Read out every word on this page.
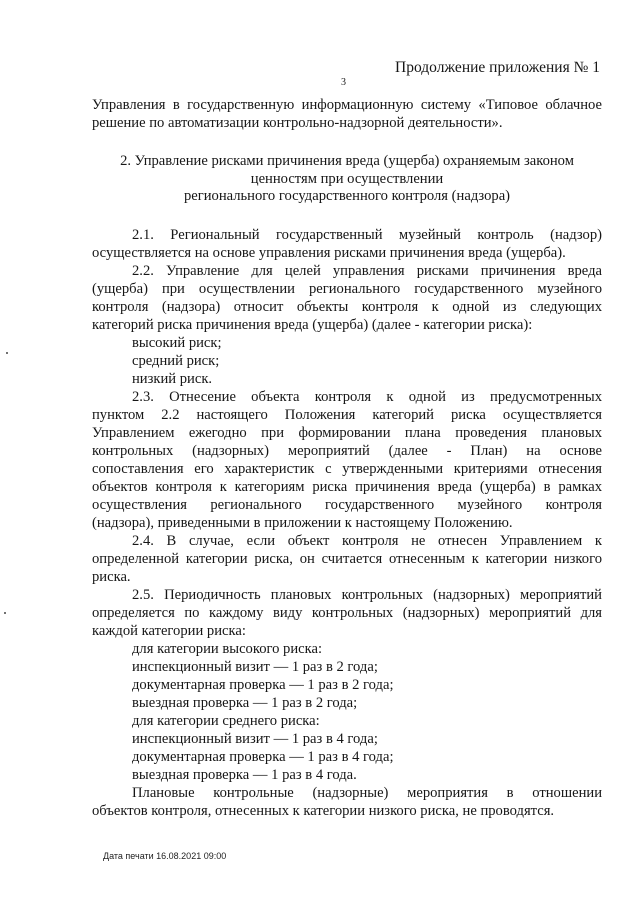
Продолжение приложения № 1
3
Управления в государственную информационную систему «Типовое облачное
решение по автоматизации контрольно-надзорной деятельности».
2. Управление рисками причинения вреда (ущерба) охраняемым законом
ценностям при осуществлении
регионального государственного контроля (надзора)
2.1. Региональный государственный музейный контроль (надзор)
осуществляется на основе управления рисками причинения вреда (ущерба).
2.2. Управление для целей управления рисками причинения вреда
(ущерба) при осуществлении регионального государственного музейного
контроля (надзора) относит объекты контроля к одной из следующих
категорий риска причинения вреда (ущерба) (далее - категории риска):
высокий риск;
средний риск;
низкий риск.
2.3. Отнесение объекта контроля к одной из предусмотренных
пунктом 2.2 настоящего Положения категорий риска осуществляется
Управлением ежегодно при формировании плана проведения плановых
контрольных (надзорных) мероприятий (далее - План) на основе
сопоставления его характеристик с утвержденными критериями отнесения
объектов контроля к категориям риска причинения вреда (ущерба) в рамках
осуществления регионального государственного музейного контроля
(надзора), приведенными в приложении к настоящему Положению.
2.4. В случае, если объект контроля не отнесен Управлением к
определенной категории риска, он считается отнесенным к категории низкого
риска.
2.5. Периодичность плановых контрольных (надзорных) мероприятий
определяется по каждому виду контрольных (надзорных) мероприятий для
каждой категории риска:
для категории высокого риска:
инспекционный визит — 1 раз в 2 года;
документарная проверка — 1 раз в 2 года;
выездная проверка — 1 раз в 2 года;
для категории среднего риска:
инспекционный визит — 1 раз в 4 года;
документарная проверка — 1 раз в 4 года;
выездная проверка — 1 раз в 4 года.
Плановые контрольные (надзорные) мероприятия в отношении
объектов контроля, отнесенных к категории низкого риска, не проводятся.
Дата печати 16.08.2021 09:00
